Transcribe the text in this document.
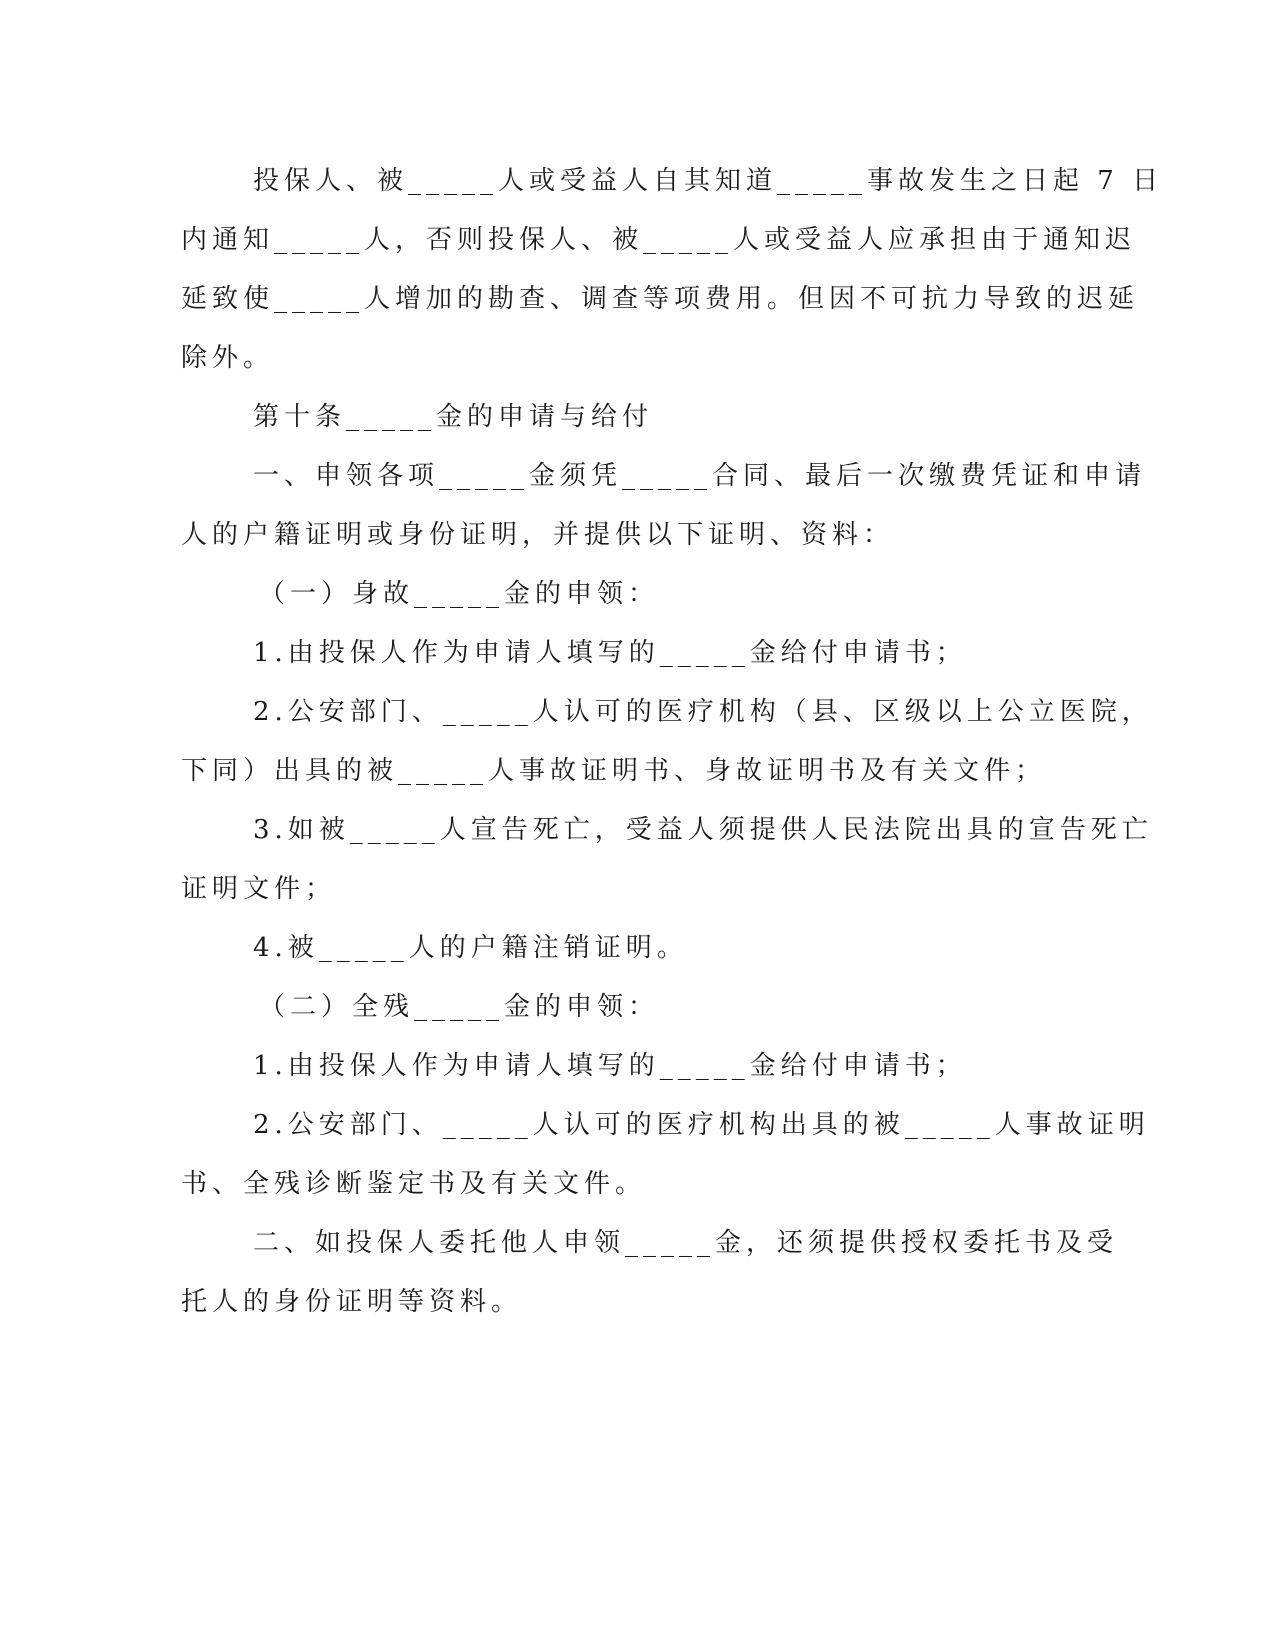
投保人、被_____人或受益人自其知道_____事故发生之日起 7 日
内通知_____人，否则投保人、被_____人或受益人应承担由于通知迟
延致使_____人增加的勘查、调查等项费用。但因不可抗力导致的迟延
除外。
第十条_____金的申请与给付
一、申领各项_____金须凭_____合同、最后一次缴费凭证和申请
人的户籍证明或身份证明，并提供以下证明、资料：
（一）身故_____金的申领：
1.由投保人作为申请人填写的_____金给付申请书；
2.公安部门、_____人认可的医疗机构（县、区级以上公立医院，
下同）出具的被_____人事故证明书、身故证明书及有关文件；
3.如被_____人宣告死亡，受益人须提供人民法院出具的宣告死亡
证明文件；
4.被_____人的户籍注销证明。
（二）全残_____金的申领：
1.由投保人作为申请人填写的_____金给付申请书；
2.公安部门、_____人认可的医疗机构出具的被_____人事故证明
书、全残诊断鉴定书及有关文件。
二、如投保人委托他人申领_____金，还须提供授权委托书及受
托人的身份证明等资料。
